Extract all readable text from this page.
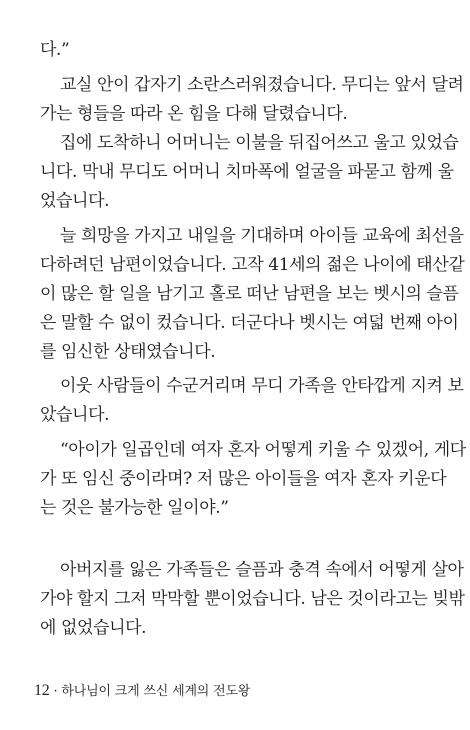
다.”
교실 안이 갑자기 소란스러워졌습니다. 무디는 앞서 달려
가는 형들을 따라 온 힘을 다해 달렸습니다.
집에 도착하니 어머니는 이불을 뒤집어쓰고 울고 있었습
니다. 막내 무디도 어머니 치마폭에 얼굴을 파묻고 함께 울
었습니다.
늘 희망을 가지고 내일을 기대하며 아이들 교육에 최선을
다하려던 남편이었습니다. 고작 41세의 젊은 나이에 태산같
이 많은 할 일을 남기고 홀로 떠난 남편을 보는 벳시의 슬픔
은 말할 수 없이 컸습니다. 더군다나 벳시는 여덟 번째 아이
를 임신한 상태였습니다.
이웃 사람들이 수군거리며 무디 가족을 안타깝게 지켜 보
았습니다.
“아이가 일곱인데 여자 혼자 어떻게 키울 수 있겠어, 게다
가 또 임신 중이라며? 저 많은 아이들을 여자 혼자 키운다
는 것은 불가능한 일이야.”
아버지를 잃은 가족들은 슬픔과 충격 속에서 어떻게 살아
가야 할지 그저 막막할 뿐이었습니다. 남은 것이라고는 빚밖
에 없었습니다.
12 · 하나님이 크게 쓰신 세계의 전도왕
